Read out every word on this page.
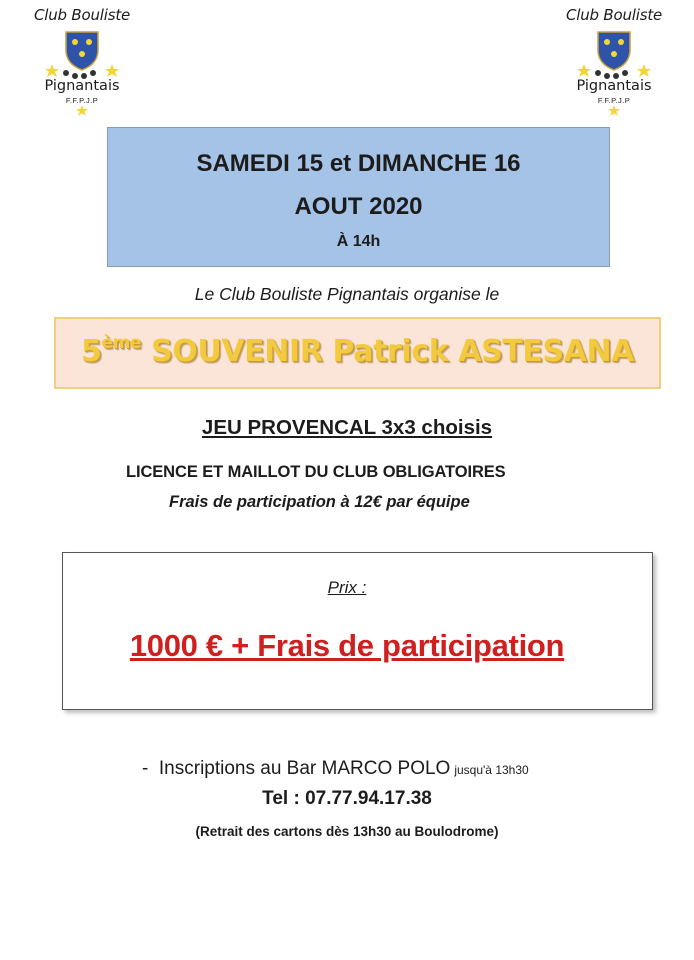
Club Bouliste
Pignantais
F.F.P.J.P
Club Bouliste
Pignantais
F.F.P.J.P
SAMEDI 15 et DIMANCHE 16
AOUT 2020
À 14h
Le Club Bouliste Pignantais organise le
5ème SOUVENIR Patrick ASTESANA
JEU PROVENCAL 3x3 choisis
LICENCE ET MAILLOT DU CLUB OBLIGATOIRES
Frais de participation à 12€ par équipe
Prix :
1000 € + Frais de participation
- Inscriptions au Bar MARCO POLO jusqu'à 13h30
Tel : 07.77.94.17.38
(Retrait des cartons dès 13h30 au Boulodrome)
